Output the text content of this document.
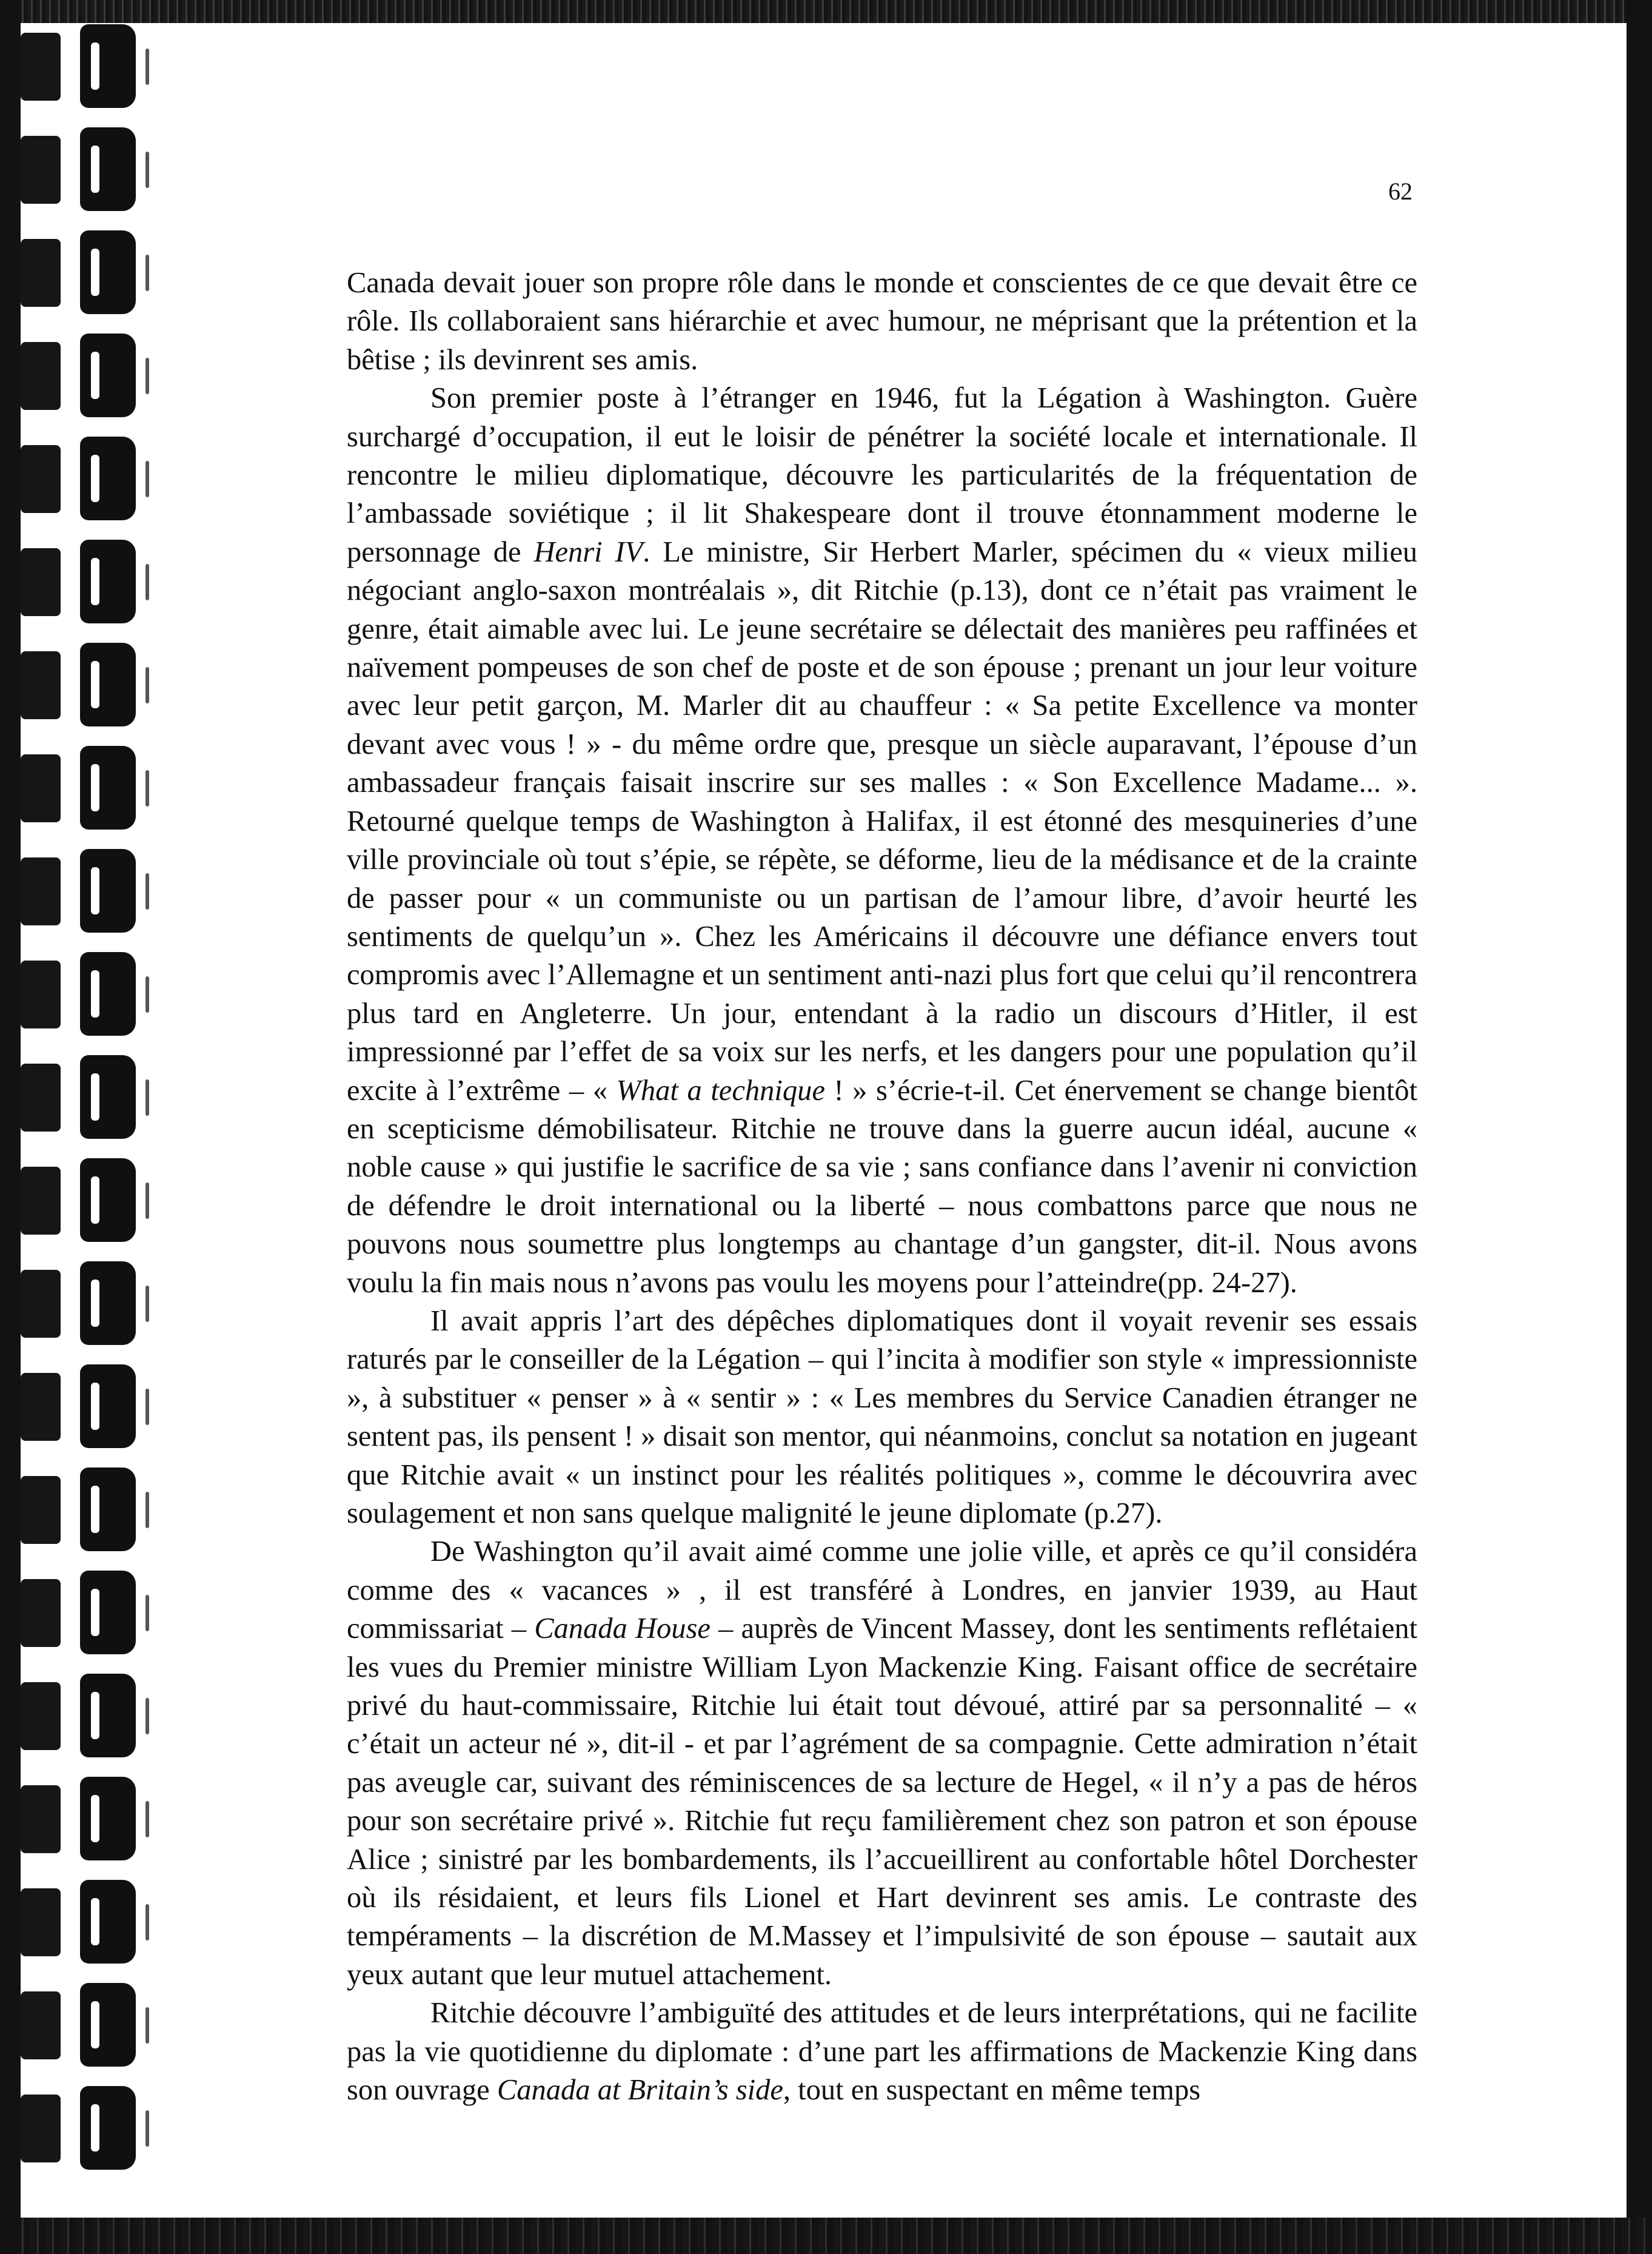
62

Canada devait jouer son propre rôle dans le monde et conscientes de ce que devait être ce rôle. Ils collaboraient sans hiérarchie et avec humour, ne méprisant que la prétention et la bêtise ; ils devinrent ses amis.

Son premier poste à l’étranger en 1946, fut la Légation à Washington. Guère surchargé d’occupation, il eut le loisir de pénétrer la société locale et internationale. Il rencontre le milieu diplomatique, découvre les particularités de la fréquentation de l’ambassade soviétique ; il lit Shakespeare dont il trouve étonnamment moderne le personnage de Henri IV. Le ministre, Sir Herbert Marler, spécimen du « vieux milieu négociant anglo-saxon montréalais », dit Ritchie (p.13), dont ce n’était pas vraiment le genre, était aimable avec lui. Le jeune secrétaire se délectait des manières peu raffinées et naïvement pompeuses de son chef de poste et de son épouse ; prenant un jour leur voiture avec leur petit garçon, M. Marler dit au chauffeur : « Sa petite Excellence va monter devant avec vous ! » - du même ordre que, presque un siècle auparavant, l’épouse d’un ambassadeur français faisait inscrire sur ses malles : « Son Excellence Madame... ». Retourné quelque temps de Washington à Halifax, il est étonné des mesquineries d’une ville provinciale où tout s’épie, se répète, se déforme, lieu de la médisance et de la crainte de passer pour « un communiste ou un partisan de l’amour libre, d’avoir heurté les sentiments de quelqu’un ». Chez les Américains il découvre une défiance envers tout compromis avec l’Allemagne et un sentiment anti-nazi plus fort que celui qu’il rencontrera plus tard en Angleterre. Un jour, entendant à la radio un discours d’Hitler, il est impressionné par l’effet de sa voix sur les nerfs, et les dangers pour une population qu’il excite à l’extrême – « What a technique ! » s’écrie-t-il. Cet énervement se change bientôt en scepticisme démobilisateur. Ritchie ne trouve dans la guerre aucun idéal, aucune « noble cause » qui justifie le sacrifice de sa vie ; sans confiance dans l’avenir ni conviction de défendre le droit international ou la liberté – nous combattons parce que nous ne pouvons nous soumettre plus longtemps au chantage d’un gangster, dit-il. Nous avons voulu la fin mais nous n’avons pas voulu les moyens pour l’atteindre(pp. 24-27).

Il avait appris l’art des dépêches diplomatiques dont il voyait revenir ses essais raturés par le conseiller de la Légation – qui l’incita à modifier son style « impressionniste », à substituer « penser » à « sentir » : « Les membres du Service Canadien étranger ne sentent pas, ils pensent ! » disait son mentor, qui néanmoins, conclut sa notation en jugeant que Ritchie avait « un instinct pour les réalités politiques », comme le découvrira avec soulagement et non sans quelque malignité le jeune diplomate (p.27).

De Washington qu’il avait aimé comme une jolie ville, et après ce qu’il considéra comme des « vacances » , il est transféré à Londres, en janvier 1939, au Haut commissariat – Canada House – auprès de Vincent Massey, dont les sentiments reflétaient les vues du Premier ministre William Lyon Mackenzie King. Faisant office de secrétaire privé du haut-commissaire, Ritchie lui était tout dévoué, attiré par sa personnalité – « c’était un acteur né », dit-il - et par l’agrément de sa compagnie. Cette admiration n’était pas aveugle car, suivant des réminiscences de sa lecture de Hegel, « il n’y a pas de héros pour son secrétaire privé ». Ritchie fut reçu familièrement chez son patron et son épouse Alice ; sinistré par les bombardements, ils l’accueillirent au confortable hôtel Dorchester où ils résidaient, et leurs fils Lionel et Hart devinrent ses amis. Le contraste des tempéraments – la discrétion de M.Massey et l’impulsivité de son épouse – sautait aux yeux autant que leur mutuel attachement.

Ritchie découvre l’ambiguïté des attitudes et de leurs interprétations, qui ne facilite pas la vie quotidienne du diplomate : d’une part les affirmations de Mackenzie King dans son ouvrage Canada at Britain’s side, tout en suspectant en même temps
